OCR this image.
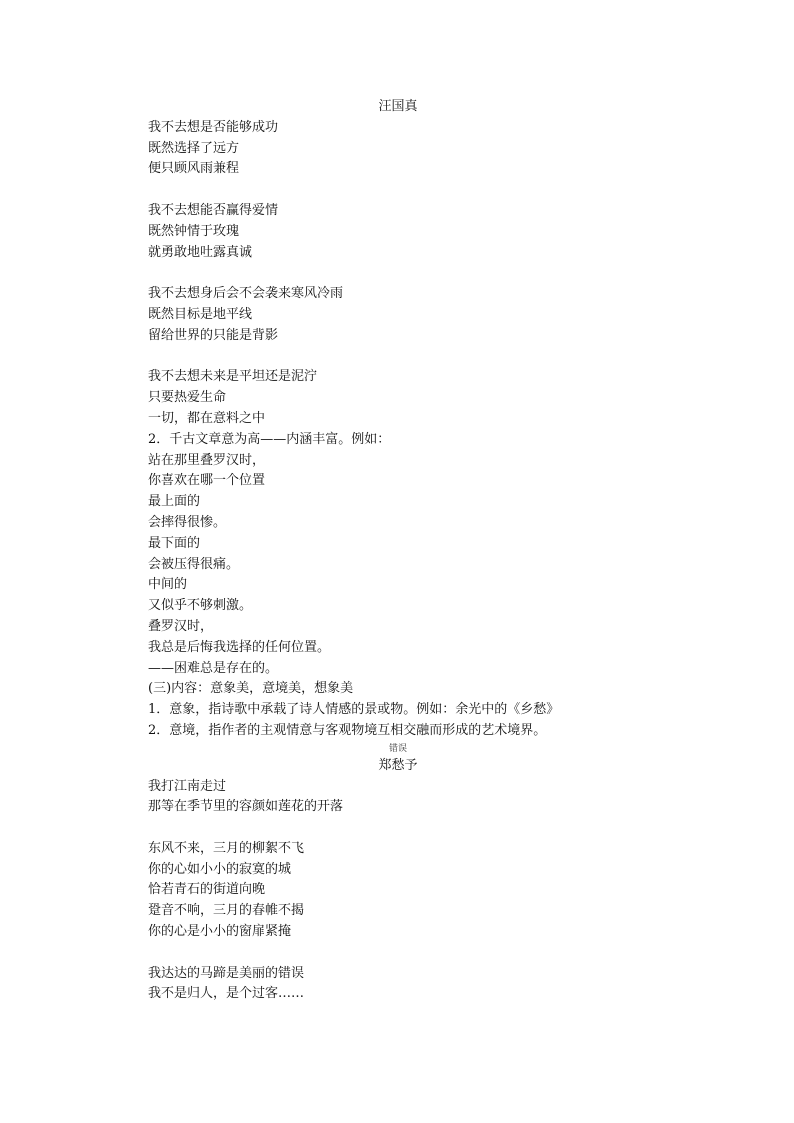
汪国真
我不去想是否能够成功
既然选择了远方
便只顾风雨兼程
我不去想能否赢得爱情
既然钟情于玫瑰
就勇敢地吐露真诚
我不去想身后会不会袭来寒风冷雨
既然目标是地平线
留给世界的只能是背影
我不去想未来是平坦还是泥泞
只要热爱生命
一切，都在意料之中
2．千古文章意为高——内涵丰富。例如：
站在那里叠罗汉时，
你喜欢在哪一个位置
最上面的
会摔得很惨。
最下面的
会被压得很痛。
中间的
又似乎不够刺激。
叠罗汉时，
我总是后悔我选择的任何位置。
——困难总是存在的。
(三)内容：意象美，意境美，想象美
1．意象，指诗歌中承载了诗人情感的景或物。例如：余光中的《乡愁》
2．意境，指作者的主观情意与客观物境互相交融而形成的艺术境界。
错误
郑愁予
我打江南走过
那等在季节里的容颜如莲花的开落
东风不来，三月的柳絮不飞
你的心如小小的寂寞的城
恰若青石的街道向晚
跫音不响，三月的春帷不揭
你的心是小小的窗扉紧掩
我达达的马蹄是美丽的错误
我不是归人，是个过客……
